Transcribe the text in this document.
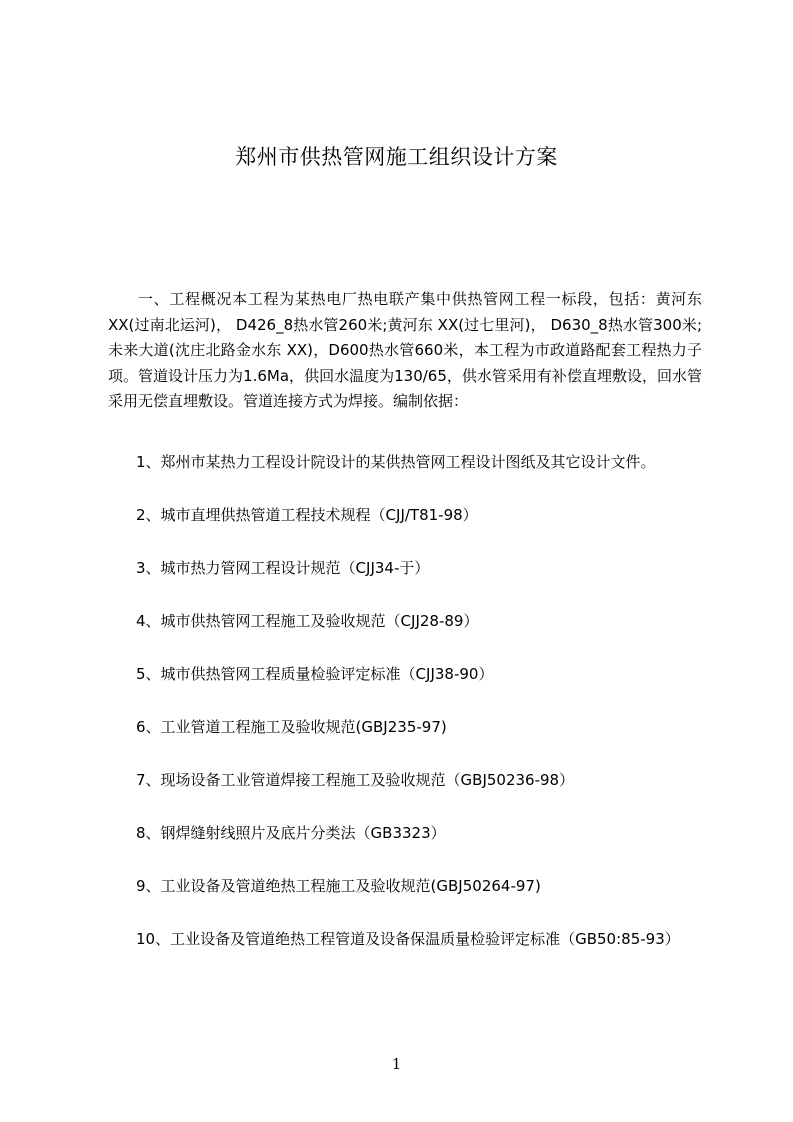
郑州市供热管网施工组织设计方案
一、工程概况本工程为某热电厂热电联产集中供热管网工程一标段，包括：黄河东XX(过南北运河)， D426_8热水管260米;黄河东 XX(过七里河)， D630_8热水管300米;未来大道(沈庄北路金水东 XX)，D600热水管660米，本工程为市政道路配套工程热力子项。管道设计压力为1.6Ma，供回水温度为130/65，供水管采用有补偿直埋敷设，回水管采用无偿直埋敷设。管道连接方式为焊接。编制依据：
1、郑州市某热力工程设计院设计的某供热管网工程设计图纸及其它设计文件。
2、城市直埋供热管道工程技术规程（CJJ/T81-98）
3、城市热力管网工程设计规范（CJJ34-于）
4、城市供热管网工程施工及验收规范（CJJ28-89）
5、城市供热管网工程质量检验评定标准（CJJ38-90）
6、工业管道工程施工及验收规范(GBJ235-97)
7、现场设备工业管道焊接工程施工及验收规范（GBJ50236-98）
8、钢焊缝射线照片及底片分类法（GB3323）
9、工业设备及管道绝热工程施工及验收规范(GBJ50264-97)
10、工业设备及管道绝热工程管道及设备保温质量检验评定标准（GB50:85-93）
1
